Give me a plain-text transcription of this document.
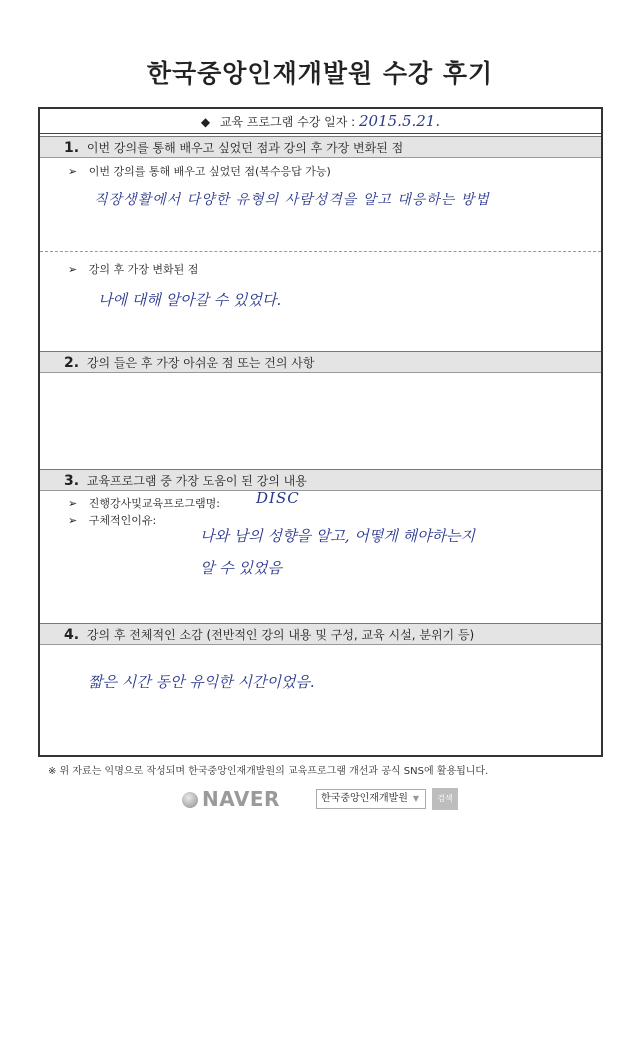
한국중앙인재개발원 수강 후기
◆ 교육 프로그램 수강 일자 : 2015.5.21.
1. 이번 강의를 통해 배우고 싶었던 점과 강의 후 가장 변화된 점
➢ 이번 강의를 통해 배우고 싶었던 점(복수응답 가능)
직장생활에서 다양한 유형의 사람성격을 알고 대응하는 방법
➢ 강의 후 가장 변화된 점
나에 대해 알아갈 수 있었다.
2. 강의 들은 후 가장 아쉬운 점 또는 건의 사항
3. 교육프로그램 중 가장 도움이 된 강의 내용
➢ 진행강사및교육프로그램명: DISC
➢ 구체적인이유:
나와 남의 성향을 알고, 어떻게 해야하는지
알 수 있었음
4. 강의 후 전체적인 소감 (전반적인 강의 내용 및 구성, 교육 시설, 분위기 등)
짧은 시간 동안 유익한 시간이었음.
※ 위 자료는 익명으로 작성되며 한국중앙인재개발원의 교육프로그램 개선과 공식 SNS에 활용됩니다.
NAVER	한국중앙인재개발원 ▼	검색
